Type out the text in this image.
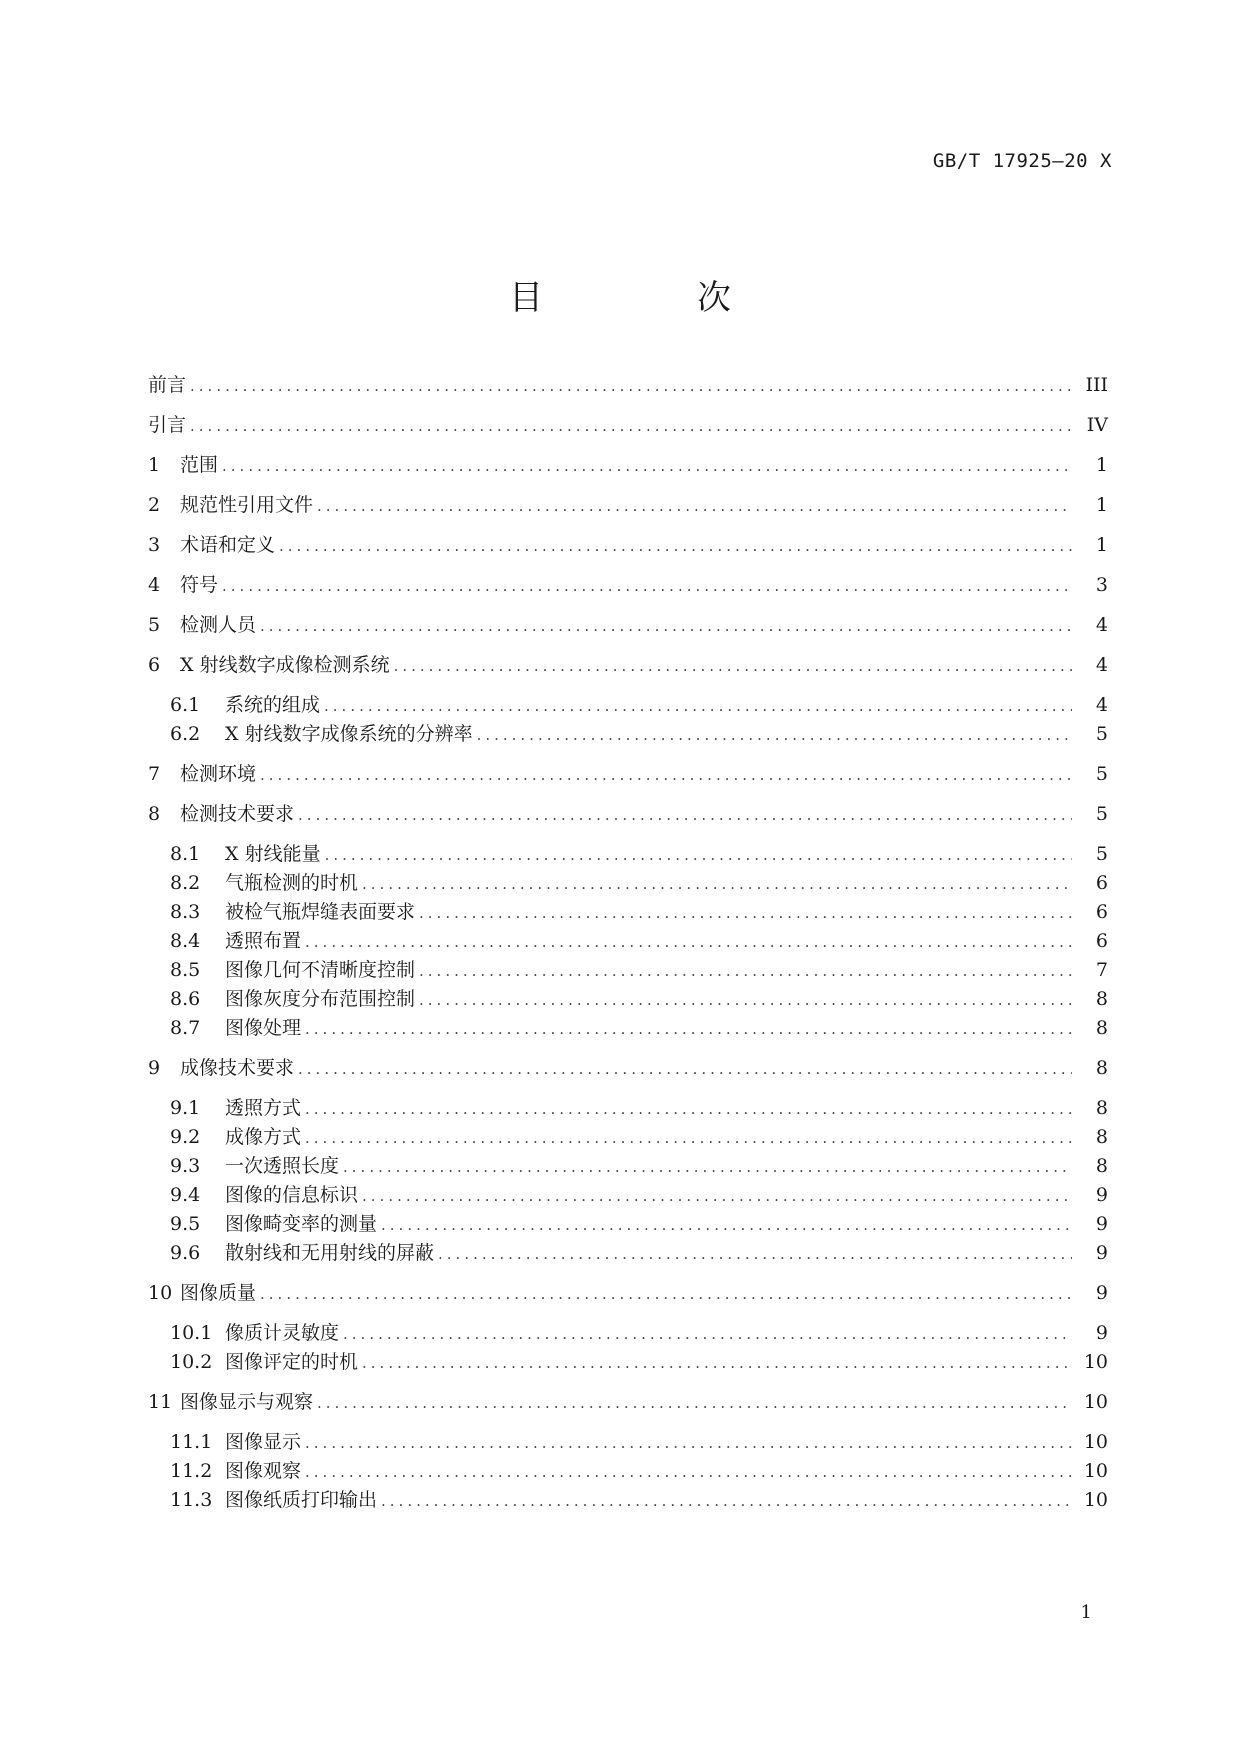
GB/T 17925—20 X
目　次
前言 .....	III
引言 .....	IV
1	范围 .....	1
2	规范性引用文件 .....	1
3	术语和定义 .....	1
4	符号 .....	3
5	检测人员 .....	4
6	X 射线数字成像检测系统 .....	4
6.1	系统的组成 .....	4
6.2	X 射线数字成像系统的分辨率 .....	5
7	检测环境 .....	5
8	检测技术要求 .....	5
8.1	X 射线能量 .....	5
8.2	气瓶检测的时机 .....	6
8.3	被检气瓶焊缝表面要求 .....	6
8.4	透照布置 .....	6
8.5	图像几何不清晰度控制 .....	7
8.6	图像灰度分布范围控制 .....	8
8.7	图像处理 .....	8
9	成像技术要求 .....	8
9.1	透照方式 .....	8
9.2	成像方式 .....	8
9.3	一次透照长度 .....	8
9.4	图像的信息标识 .....	9
9.5	图像畸变率的测量 .....	9
9.6	散射线和无用射线的屏蔽 .....	9
10 图像质量 .....	9
10.1 像质计灵敏度 .....	9
10.2 图像评定的时机 .....	10
11 图像显示与观察 .....	10
11.1 图像显示 .....	10
11.2 图像观察 .....	10
11.3 图像纸质打印输出 .....	10
1
